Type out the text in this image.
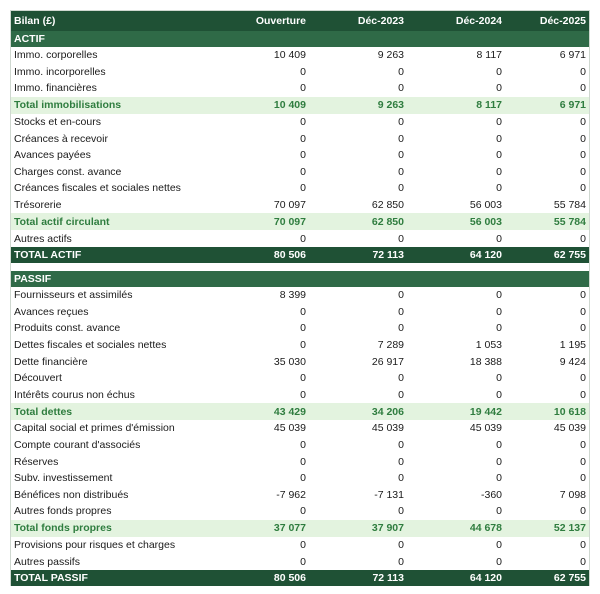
Bilan (£)	Ouverture	Déc-2023	Déc-2024	Déc-2025
ACTIF				
Immo. corporelles	10 409	9 263	8 117	6 971
Immo. incorporelles	0	0	0	0
Immo. financières	0	0	0	0
Total immobilisations	10 409	9 263	8 117	6 971
Stocks et en-cours	0	0	0	0
Créances à recevoir	0	0	0	0
Avances payées	0	0	0	0
Charges const. avance	0	0	0	0
Créances fiscales et sociales nettes	0	0	0	0
Trésorerie	70 097	62 850	56 003	55 784
Total actif circulant	70 097	62 850	56 003	55 784
Autres actifs	0	0	0	0
TOTAL ACTIF	80 506	72 113	64 120	62 755

PASSIF				
Fournisseurs et assimilés	8 399	0	0	0
Avances reçues	0	0	0	0
Produits const. avance	0	0	0	0
Dettes fiscales et sociales nettes	0	7 289	1 053	1 195
Dette financière	35 030	26 917	18 388	9 424
Découvert	0	0	0	0
Intérêts courus non échus	0	0	0	0
Total dettes	43 429	34 206	19 442	10 618
Capital social et primes d'émission	45 039	45 039	45 039	45 039
Compte courant d'associés	0	0	0	0
Réserves	0	0	0	0
Subv. investissement	0	0	0	0
Bénéfices non distribués	-7 962	-7 131	-360	7 098
Autres fonds propres	0	0	0	0
Total fonds propres	37 077	37 907	44 678	52 137
Provisions pour risques et charges	0	0	0	0
Autres passifs	0	0	0	0
TOTAL PASSIF	80 506	72 113	64 120	62 755
